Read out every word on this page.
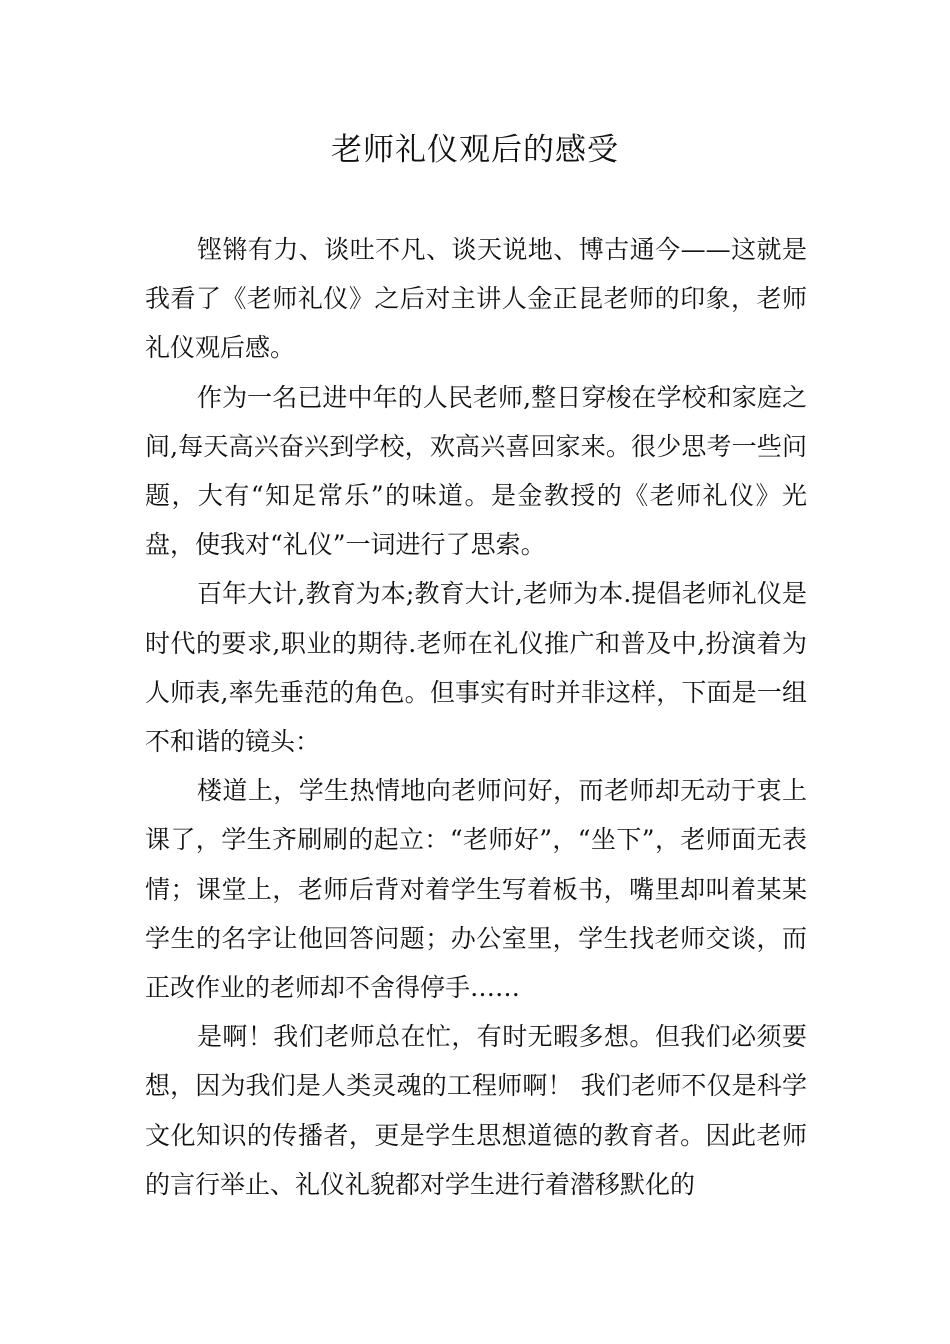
老师礼仪观后的感受

铿锵有力、谈吐不凡、谈天说地、博古通今——这就是我看了《老师礼仪》之后对主讲人金正昆老师的印象，老师礼仪观后感。

作为一名已进中年的人民老师,整日穿梭在学校和家庭之间,每天高兴奋兴到学校，欢高兴喜回家来。很少思考一些问题，大有“知足常乐”的味道。是金教授的《老师礼仪》光盘，使我对“礼仪”一词进行了思索。

百年大计,教育为本;教育大计,老师为本.提倡老师礼仪是时代的要求,职业的期待.老师在礼仪推广和普及中,扮演着为人师表,率先垂范的角色。但事实有时并非这样，下面是一组不和谐的镜头：

楼道上，学生热情地向老师问好，而老师却无动于衷上课了，学生齐刷刷的起立：“老师好”，“坐下”，老师面无表情；课堂上，老师后背对着学生写着板书，嘴里却叫着某某学生的名字让他回答问题；办公室里，学生找老师交谈，而正改作业的老师却不舍得停手……

是啊！我们老师总在忙，有时无暇多想。但我们必须要想，因为我们是人类灵魂的工程师啊！ 我们老师不仅是科学文化知识的传播者，更是学生思想道德的教育者。因此老师的言行举止、礼仪礼貌都对学生进行着潜移默化的
